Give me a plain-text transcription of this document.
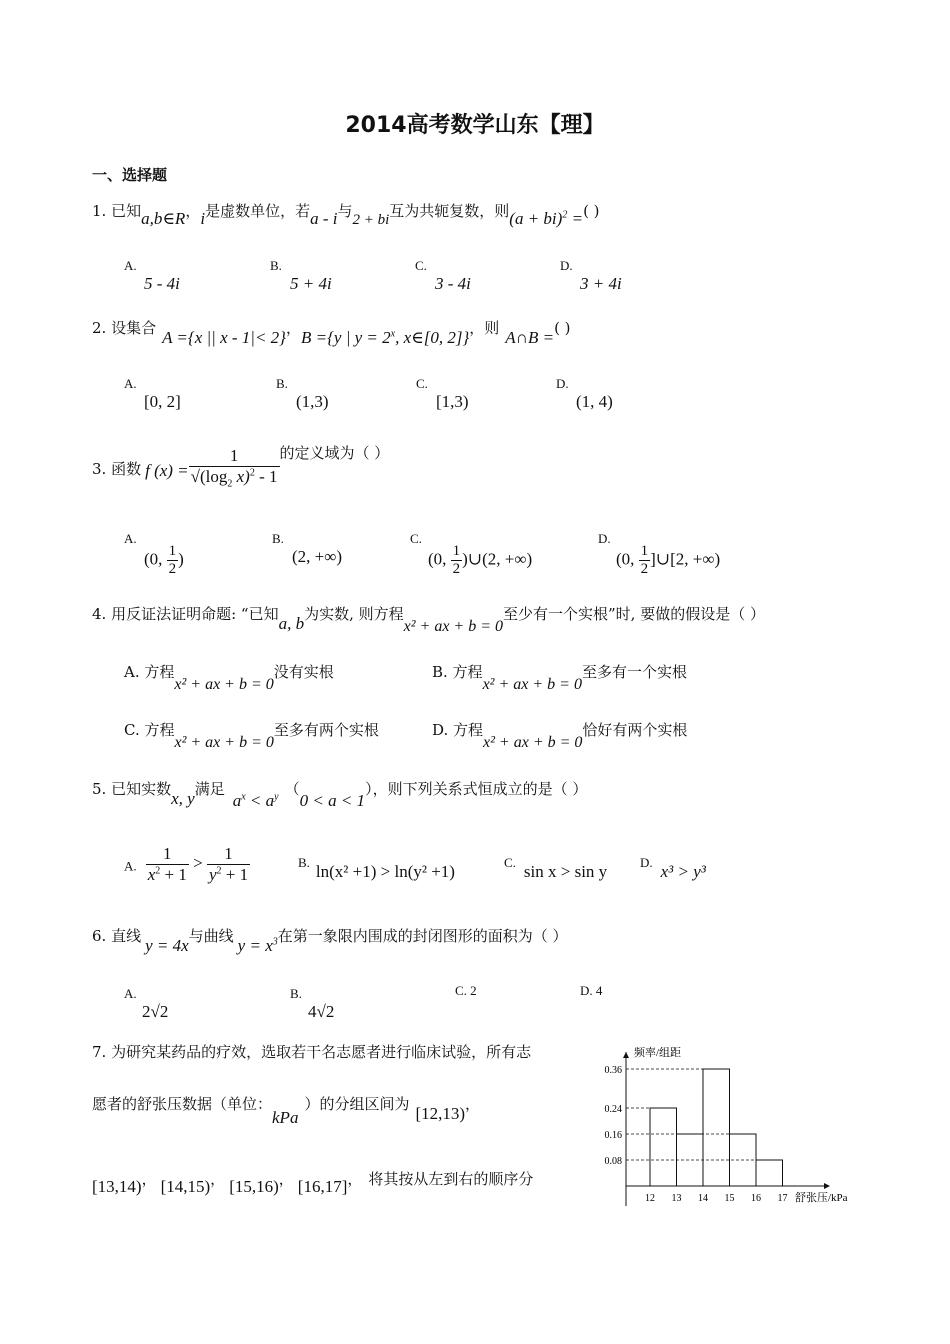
2014高考数学山东【理】
一、选择题
1. 已知a,b∈R，i是虚数单位，若a - i与2 + bi互为共轭复数，则(a + bi)$^2$ =( )
A.
5 - 4i
B.
5 + 4i
C.
3 - 4i
D.
3 + 4i
2. 设集合 A ={x || x - 1|< 2}，B ={y | $y = 2^x$, x∈[0, 2]}，则 A∩B =( )
A.
[0, 2]
B.
(1,3)
C.
[1,3)
D.
(1, 4)
3. 函数 f $(x) = \frac{1}{√(\log_2 x)^2 - 1}$ 的定义域为（ ）
A.
(0, $\frac{1}{2}$ )
B.
(2, +∞)
C.
(0, $\frac{1}{2}$ )∪(2, +∞)
D.
(0, $\frac{1}{2}$ ]∪[2, +∞)
4. 用反证法证明命题: “已知a, b为实数, 则方程x² + ax + b = 0至少有一个实根”时, 要做的假设是（ ）
A. 方程x² + ax + b = 0没有实根	B. 方程x² + ax + b = 0至多有一个实根
C. 方程x² + ax + b = 0至多有两个实根	D. 方程x² + ax + b = 0恰好有两个实根
5. 已知实数x, y满足$a^x < a^y$ （0 < a < 1），则下列关系式恒成立的是（ ）
A. $\frac{1}{x^2 + 1} > \frac{1}{y^2 + 1}$	B. ln(x² +1) > ln(y² +1)	C. sin x > sin y	D. x³ > y³
6. 直线 y = 4x与曲线 $y = x^3$在第一象限内围成的封闭图形的面积为（ ）
A.
2√2
B.
4√2
C. 2	D. 4
7. 为研究某药品的疗效，选取若干名志愿者进行临床试验，所有志
愿者的舒张压数据（单位：kPa）的分组区间为 [12,13)，
[13,14)， [14,15)， [15,16)， [16,17]， 将其按从左到右的顺序分
频率/组距
舒张压/kPa
0.08
0.16
0.24
0.36
12 13 14 15 16 17
